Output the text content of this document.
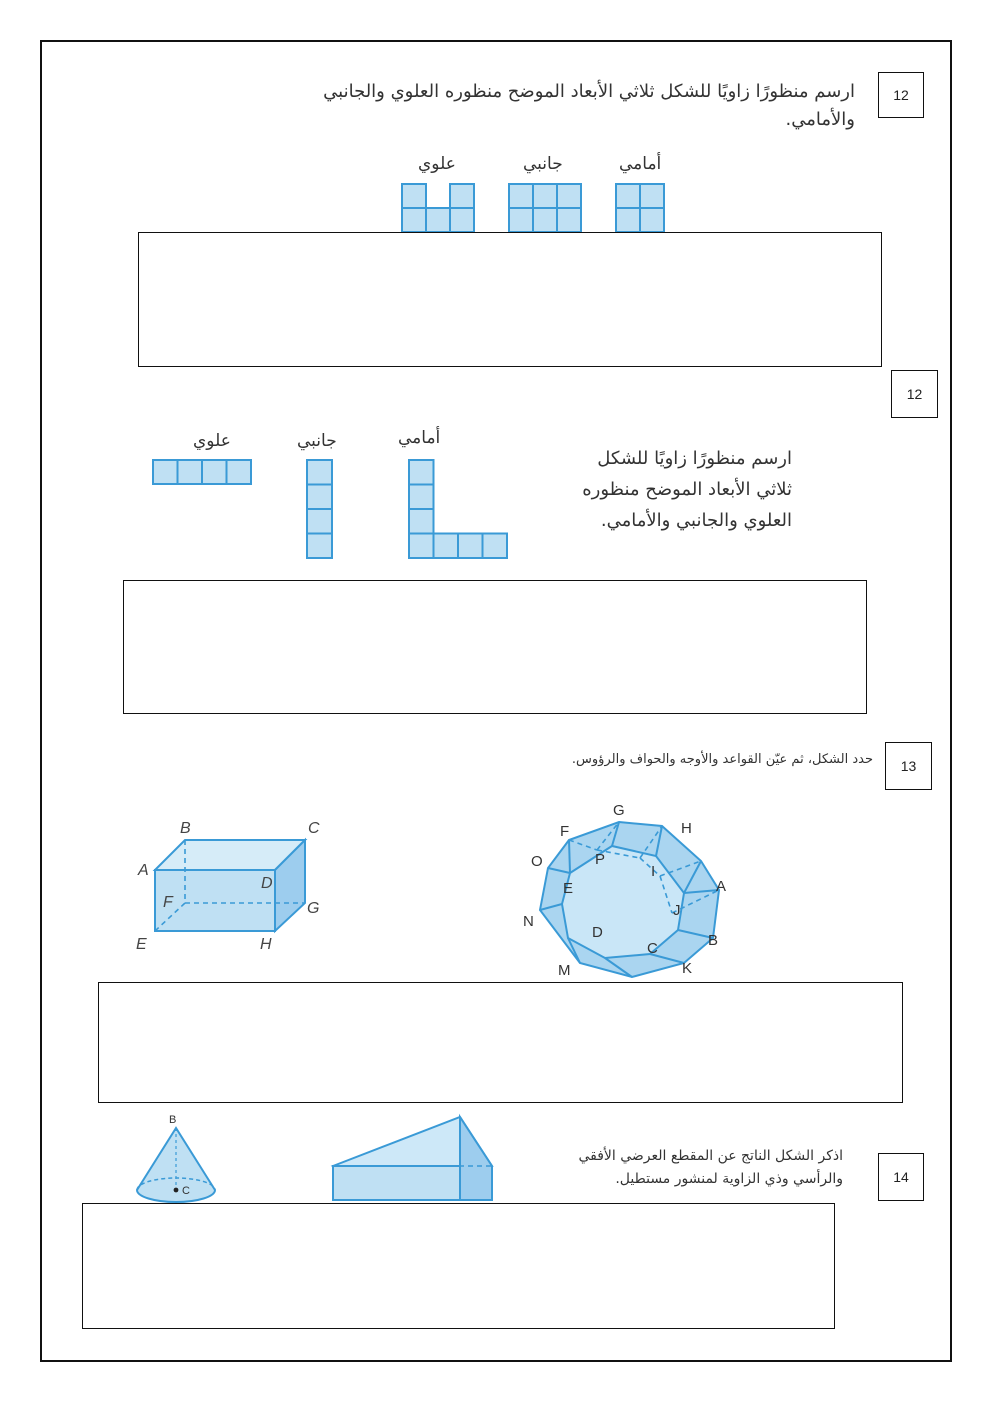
12
ارسم منظورًا زاويًا للشكل ثلاثي الأبعاد الموضح منظوره العلوي والجانبي
والأمامي.
علوي	جانبي	أمامي
12
ارسم منظورًا زاويًا للشكل
ثلاثي الأبعاد الموضح منظوره
العلوي والجانبي والأمامي.
علوي	جانبي	أمامي
13
حدد الشكل، ثم عيّن القواعد والأوجه والحواف والرؤوس.
B	C
A
D
F	G
E	H
G
H
F
P
O
I
A
E
J
N
B
D
C
K
M
14
اذكر الشكل الناتج عن المقطع العرضي الأفقي
والرأسي وذي الزاوية لمنشور مستطيل.
B
C
